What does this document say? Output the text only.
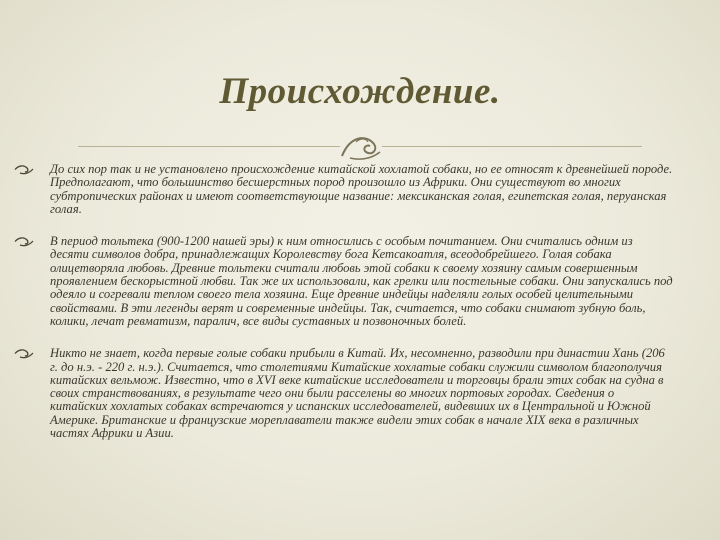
Происхождение.
До сих пор так и не установлено происхождение китайской хохлатой собаки, но ее относят к древнейшей породе. Предполагают, что большинство бесшерстных пород произошло из Африки. Они существуют во многих субтропических районах и имеют соответствующие название: мексиканская голая, египетская голая, перуанская голая.
В период тольтека (900-1200 нашей эры) к ним относились с особым почитанием. Они считались одним из десяти символов добра, принадлежащих Королевству бога Кетсакоатля, всеодобрейшего. Голая собака олицетворяла любовь. Древние тольтеки считали любовь этой собаки к своему хозяину самым совершенным проявлением бескорыстной любви. Так же их использовали, как грелки или постельные собаки. Они запускались под одеяло и согревали теплом своего тела хозяина. Еще древние индейцы наделяли голых особей целительными свойствами. В эти легенды верят и современные индейцы. Так, считается, что собаки снимают зубную боль, колики, лечат ревматизм, паралич, все виды суставных и позвоночных болей.
Никто не знает, когда первые голые собаки прибыли в Китай. Их, несомненно, разводили при династии Хань (206 г. до н.э. - 220 г. н.э.). Считается, что столетиями Китайские хохлатые собаки служили символом благополучия китайских вельмож. Известно, что в XVI веке китайские исследователи и торговцы брали этих собак на судна в своих странствованиях, в результате чего они были расселены во многих портовых городах. Сведения о китайских хохлатых собаках встречаются у испанских исследователей, видевших их в Центральной и Южной Америке. Британские и французские мореплаватели также видели этих собак в начале XIX века в различных частях Африки и Азии.
